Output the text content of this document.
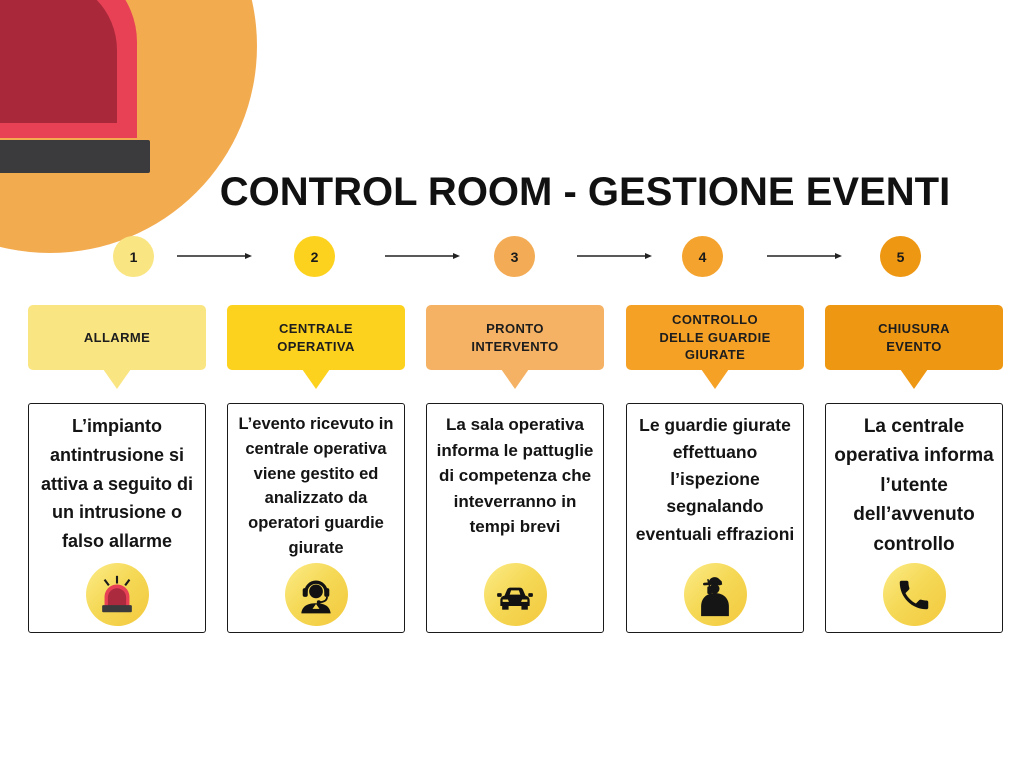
CONTROL ROOM - GESTIONE EVENTI
1	2	3	4	5
ALLARME

L’impianto antintrusione si attiva a seguito di un intrusione o falso allarme

CENTRALE OPERATIVA

L’evento ricevuto in centrale operativa viene gestito ed analizzato da operatori guardie giurate

PRONTO INTERVENTO

La sala operativa informa le pattuglie di competenza che inteverranno in tempi brevi

CONTROLLO DELLE GUARDIE GIURATE

Le guardie giurate effettuano l’ispezione segnalando eventuali effrazioni

CHIUSURA EVENTO

La centrale operativa informa l’utente dell’avvenuto controllo
